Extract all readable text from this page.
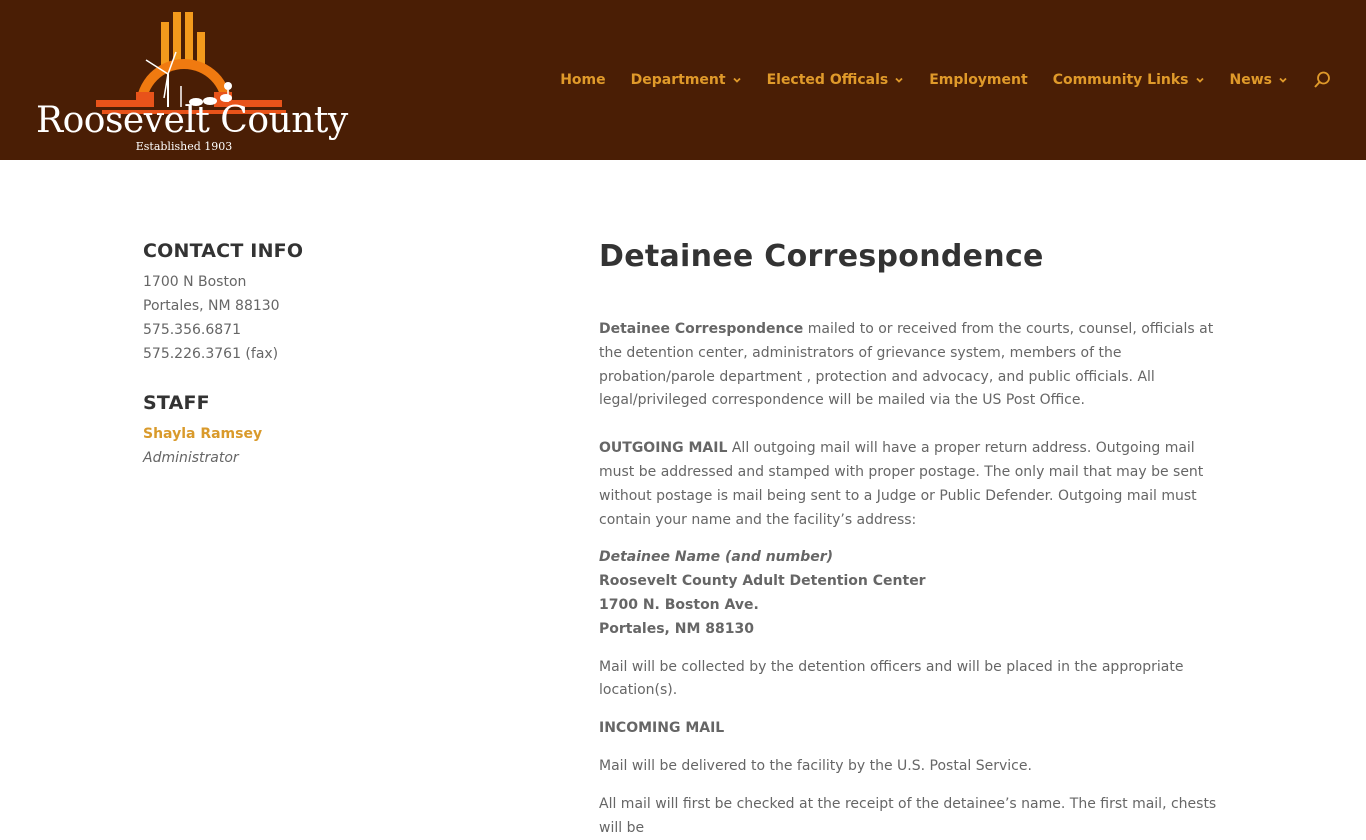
Roosevelt County
Established 1903
Home Department	Elected Officals	Employment Community Links	News
CONTACT INFO
1700 N Boston
Portales, NM 88130
575.356.6871
575.226.3761 (fax)
STAFF
Shayla Ramsey
Administrator
Detainee Correspondence

Detainee Correspondence mailed to or received from the courts, counsel, officials at the detention center, administrators of grievance system, members of the probation/parole department , protection and advocacy, and public officials. All legal/privileged correspondence will be mailed via the US Post Office.

OUTGOING MAIL All outgoing mail will have a proper return address. Outgoing mail must be addressed and stamped with proper postage. The only mail that may be sent without postage is mail being sent to a Judge or Public Defender. Outgoing mail must contain your name and the facility’s address:

Detainee Name (and number)
Roosevelt County Adult Detention Center
1700 N. Boston Ave.
Portales, NM 88130

Mail will be collected by the detention officers and will be placed in the appropriate location(s).

INCOMING MAIL

Mail will be delivered to the facility by the U.S. Postal Service.

All mail will first be checked at the receipt of the detainee’s name. The first mail, chests will be
